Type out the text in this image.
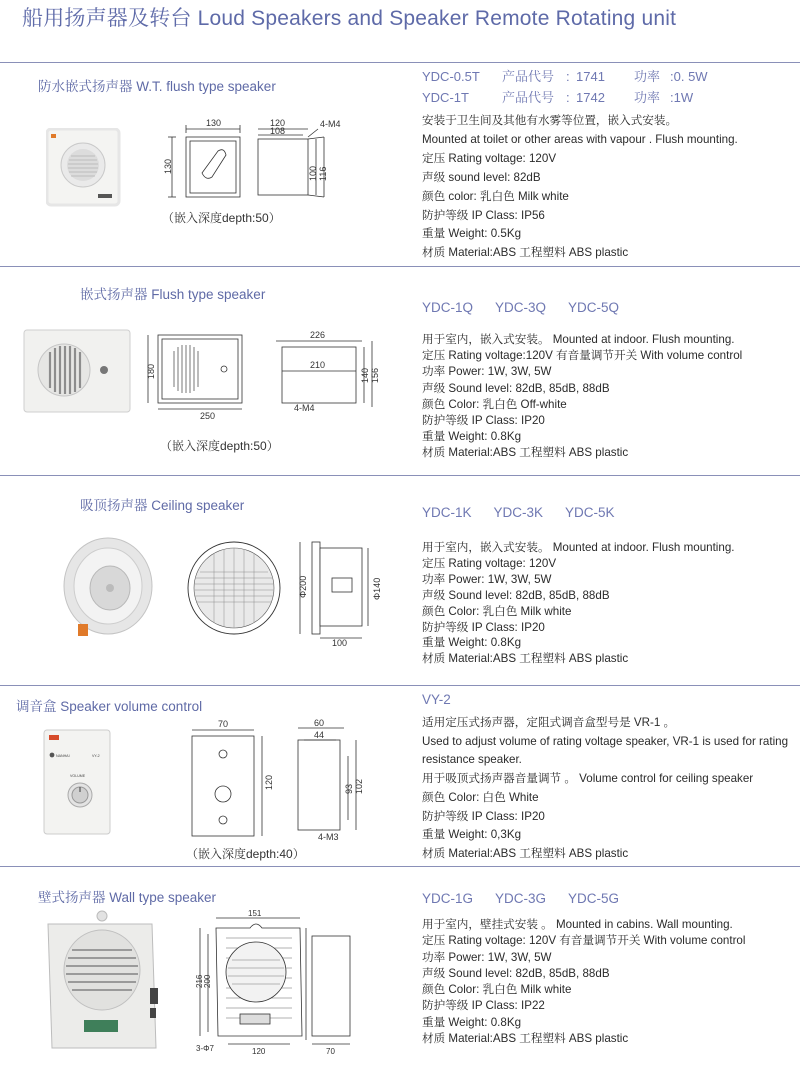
船用扬声器及转台 Loud Speakers and Speaker Remote Rotating unit
防水嵌式扬声器 W.T. flush type speaker
YDC-0.5T 产品代号 : 1741 功率 :0. 5W
YDC-1T	产品代号 : 1742 功率 :1W
安装于卫生间及其他有水雾等位置，嵌入式安装。
Mounted at toilet or other areas with vapour . Flush mounting.
定压 Rating voltage: 120V
声级 sound level: 82dB
颜色 color: 乳白色 Milk white
防护等级 IP Class: IP56
重量 Weight: 0.5Kg
材质 Material:ABS 工程塑料 ABS plastic
130
130
120
108
4-M4
100 116
（嵌入深度depth:50）
嵌式扬声器 Flush type speaker
YDC-1Q YDC-3Q YDC-5Q
用于室内，嵌入式安装。 Mounted at indoor. Flush mounting.
定压 Rating voltage:120V 有音量调节开关 With volume control
功率 Power: 1W, 3W, 5W
声级 Sound level: 82dB, 85dB, 88dB
颜色 Color: 乳白色 Off-white
防护等级 IP Class: IP20
重量 Weight: 0.8Kg
材质 Material:ABS 工程塑料 ABS plastic
180
250
226
210
140 156
4-M4
（嵌入深度depth:50）
吸顶扬声器 Ceiling speaker	YDC-1K YDC-3K YDC-5K
用于室内，嵌入式安装。 Mounted at indoor. Flush mounting.
定压 Rating voltage: 120V
功率 Power: 1W, 3W, 5W
声级 Sound level: 82dB, 85dB, 88dB
颜色 Color: 乳白色 Milk white
防护等级 IP Class: IP20
重量 Weight: 0.8Kg
材质 Material:ABS 工程塑料 ABS plastic
Φ200	Φ140
100
调音盒 Speaker volume control	VY-2
适用定压式扬声器，定阻式调音盒型号是 VR-1 。
Used to adjust volume of rating voltage speaker, VR-1 is used for rating
resistance speaker.
用于吸顶式扬声器音量调节 。 Volume control for ceiling speaker
颜色 Color: 白色 White
防护等级 IP Class: IP20
重量 Weight: 0,3Kg
材质 Material:ABS 工程塑料 ABS plastic
NANHAI	VY-2
VOLUME
70
120
60
44
93 102
4-M3
（嵌入深度depth:40）
壁式扬声器 Wall type speaker	YDC-1G YDC-3G YDC-5G
用于室内，壁挂式安装 。 Mounted in cabins. Wall mounting.
定压 Rating voltage: 120V 有音量调节开关 With volume control
功率 Power: 1W, 3W, 5W
声级 Sound level: 82dB, 85dB, 88dB
颜色 Color: 乳白色 Milk white
防护等级 IP Class: IP22
重量 Weight: 0.8Kg
材质 Material:ABS 工程塑料 ABS plastic
151
216 200
120	70
3-Φ7
